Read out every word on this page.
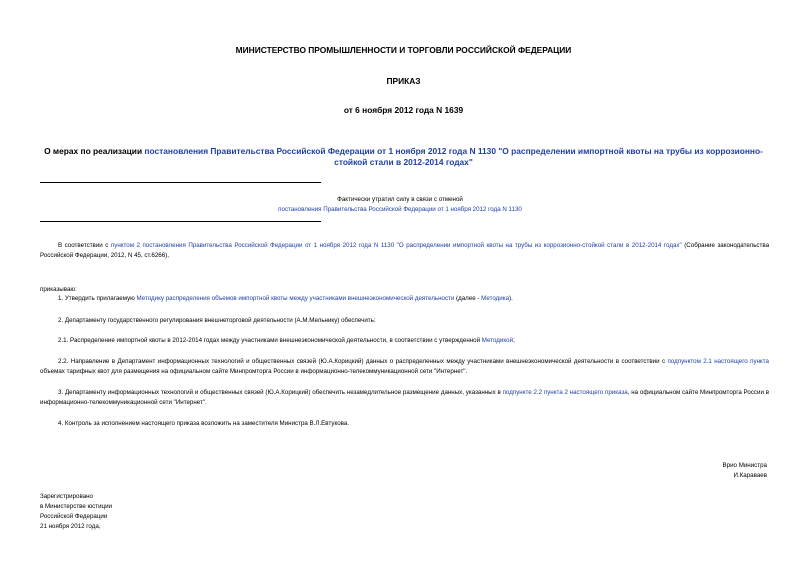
МИНИСТЕРСТВО ПРОМЫШЛЕННОСТИ И ТОРГОВЛИ РОССИЙСКОЙ ФЕДЕРАЦИИ
ПРИКАЗ
от 6 ноября 2012 года N 1639
О мерах по реализации постановления Правительства Российской Федерации от 1 ноября 2012 года N 1130 "О распределении импортной квоты на трубы из коррозионно-стойкой стали в 2012-2014 годах"
Фактически утратил силу в связи с отменой
постановления Правительства Российской Федерации от 1 ноября 2012 года N 1130
В соответствии с пунктом 2 постановления Правительства Российской Федерации от 1 ноября 2012 года N 1130 "О распределении импортной квоты на трубы из коррозионно-стойкой стали в 2012-2014 годах" (Собрание законодательства Российской Федерации, 2012, N 45, ст.6266),
приказываю:
1. Утвердить прилагаемую Методику распределения объемов импортной квоты между участниками внешнеэкономической деятельности (далее - Методика).
2. Департаменту государственного регулирования внешнеторговой деятельности (А.М.Мельнику) обеспечить:
2.1. Распределение импортной квоты в 2012-2014 годах между участниками внешнеэкономической деятельности, в соответствии с утвержденной Методикой;
2.2. Направление в Департамент информационных технологий и общественных связей (Ю.А.Корицкий) данных о распределенных между участниками внешнеэкономической деятельности в соответствии с подпунктом 2.1 настоящего пункта объемах тарифных квот для размещения на официальном сайте Минпромторга России в информационно-телекоммуникационной сети "Интернет".
3. Департаменту информационных технологий и общественных связей (Ю.А.Корицкий) обеспечить незамедлительное размещение данных, указанных в подпункте 2.2 пункта 2 настоящего приказа, на официальном сайте Минпромторга России в информационно-телекоммуникационной сети "Интернет".
4. Контроль за исполнением настоящего приказа возложить на заместителя Министра В.Л.Евтукова.
Врио Министра
И.Караваев
Зарегистрировано
в Министерстве юстиции
Российской Федерации
21 ноября 2012 года,
